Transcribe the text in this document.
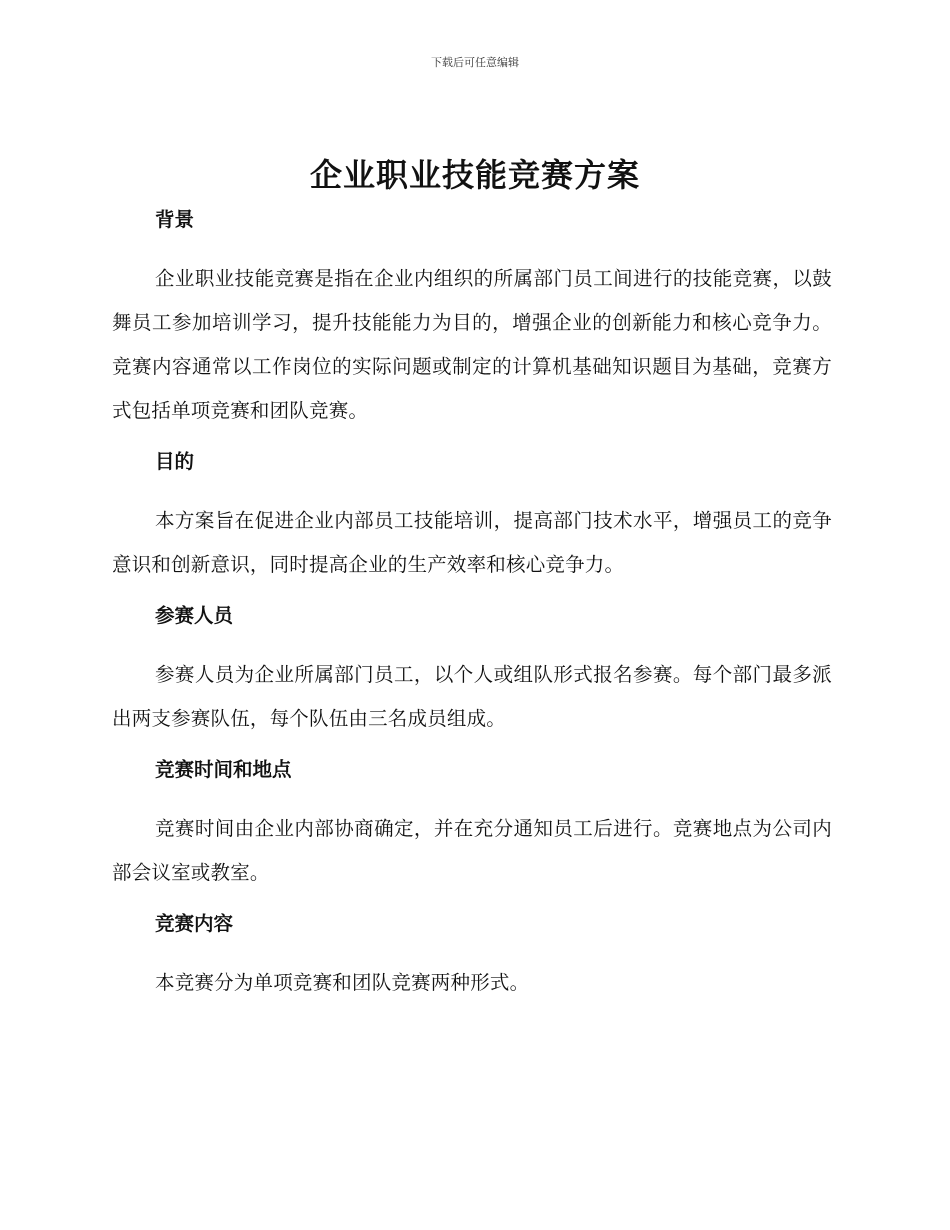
下载后可任意编辑
企业职业技能竞赛方案
背景

企业职业技能竞赛是指在企业内组织的所属部门员工间进行的技能竞赛，以鼓舞员工参加培训学习，提升技能能力为目的，增强企业的创新能力和核心竞争力。竞赛内容通常以工作岗位的实际问题或制定的计算机基础知识题目为基础，竞赛方式包括单项竞赛和团队竞赛。

目的

本方案旨在促进企业内部员工技能培训，提高部门技术水平，增强员工的竞争意识和创新意识，同时提高企业的生产效率和核心竞争力。

参赛人员

参赛人员为企业所属部门员工，以个人或组队形式报名参赛。每个部门最多派出两支参赛队伍，每个队伍由三名成员组成。

竞赛时间和地点

竞赛时间由企业内部协商确定，并在充分通知员工后进行。竞赛地点为公司内部会议室或教室。

竞赛内容

本竞赛分为单项竞赛和团队竞赛两种形式。
